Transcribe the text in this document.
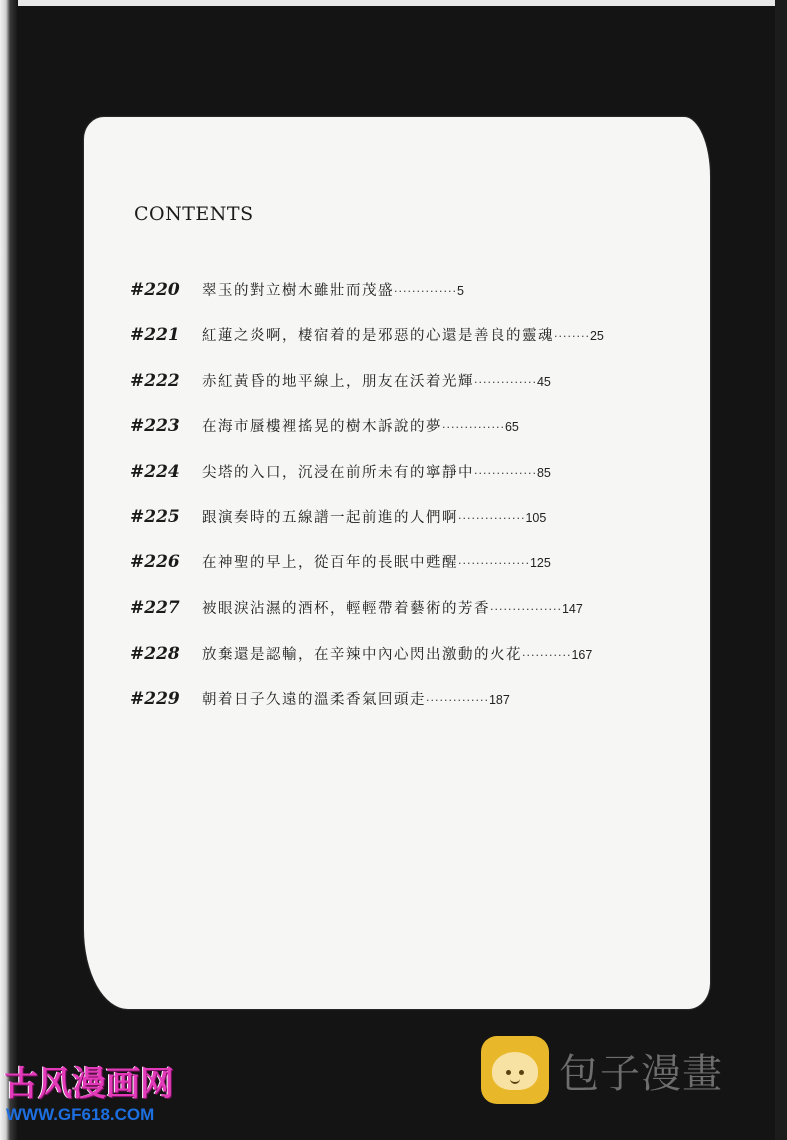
CONTENTS
#220	翠玉的對立樹木雖壯而茂盛 ·············· 5
#221	紅蓮之炎啊，棲宿着的是邪惡的心還是善良的靈魂 ········ 25
#222	赤紅黃昏的地平線上，朋友在沃着光輝 ·············· 45
#223	在海市蜃樓裡搖晃的樹木訴說的夢 ·············· 65
#224	尖塔的入口，沉浸在前所未有的寧靜中 ·············· 85
#225	跟演奏時的五線譜一起前進的人們啊 ··············· 105
#226	在神聖的早上，從百年的長眠中甦醒 ················ 125
#227	被眼淚沾濕的酒杯，輕輕帶着藝術的芳香 ················ 147
#228	放棄還是認輸，在辛辣中內心閃出激動的火花 ··········· 167
#229	朝着日子久遠的溫柔香氣回頭走 ·············· 187
古风漫画网
WWW.GF618.COM
包子漫畫
